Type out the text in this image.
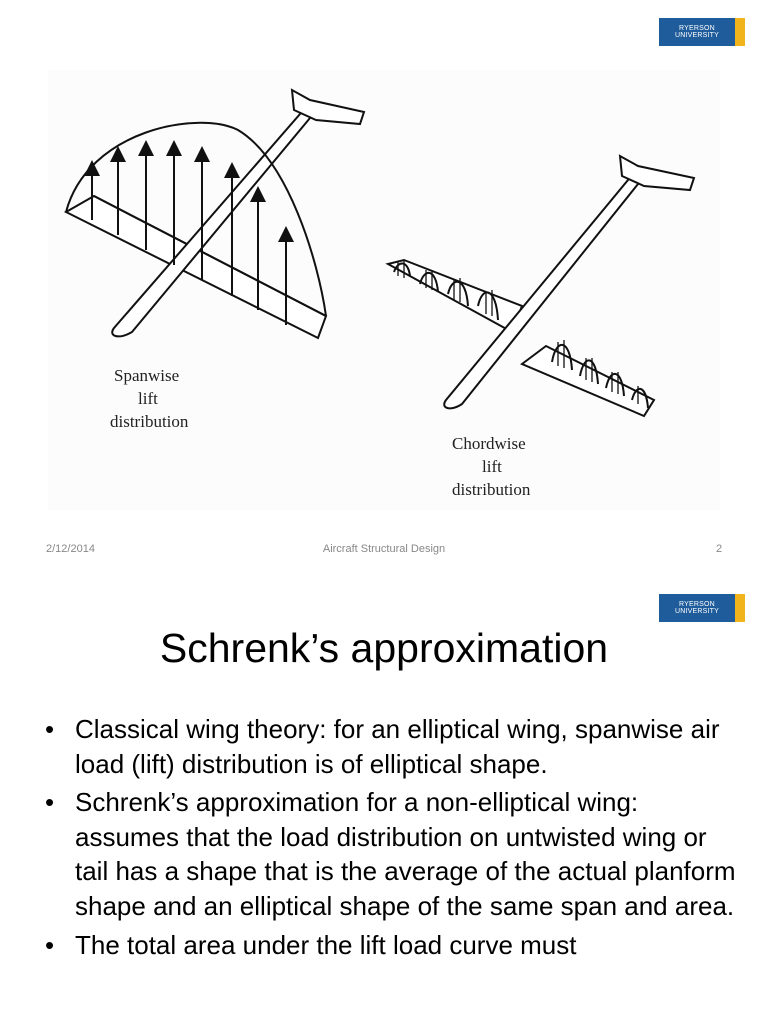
RYERSON
UNIVERSITY
Spanwise
lift
distribution
Chordwise
lift
distribution
2/12/2014	Aircraft Structural Design	2
RYERSON
UNIVERSITY
Schrenk’s approximation
• Classical wing theory: for an elliptical wing, spanwise air load (lift) distribution is of elliptical shape.
• Schrenk’s approximation for a non-elliptical wing: assumes that the load distribution on untwisted wing or tail has a shape that is the average of the actual planform shape and an elliptical shape of the same span and area.
• The total area under the lift load curve must
